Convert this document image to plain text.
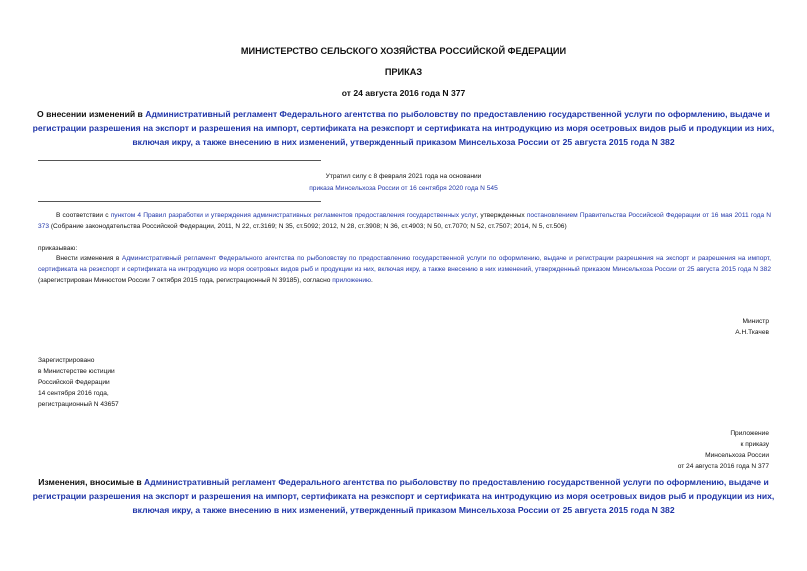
МИНИСТЕРСТВО СЕЛЬСКОГО ХОЗЯЙСТВА РОССИЙСКОЙ ФЕДЕРАЦИИ
ПРИКАЗ
от 24 августа 2016 года N 377
О внесении изменений в Административный регламент Федерального агентства по рыболовству по предоставлению государственной услуги по оформлению, выдаче и регистрации разрешения на экспорт и разрешения на импорт, сертификата на реэкспорт и сертификата на интродукцию из моря осетровых видов рыб и продукции из них, включая икру, а также внесению в них изменений, утвержденный приказом Минсельхоза России от 25 августа 2015 года N 382
Утратил силу с 8 февраля 2021 года на основании
приказа Минсельхоза России от 16 сентября 2020 года N 545
В соответствии с пунктом 4 Правил разработки и утверждения административных регламентов предоставления государственных услуг, утвержденных постановлением Правительства Российской Федерации от 16 мая 2011 года N 373 (Собрание законодательства Российской Федерации, 2011, N 22, ст.3169; N 35, ст.5092; 2012, N 28, ст.3908; N 36, ст.4903; N 50, ст.7070; N 52, ст.7507; 2014, N 5, ст.506)
приказываю:
Внести изменения в Административный регламент Федерального агентства по рыболовству по предоставлению государственной услуги по оформлению, выдаче и регистрации разрешения на экспорт и разрешения на импорт, сертификата на реэкспорт и сертификата на интродукцию из моря осетровых видов рыб и продукции из них, включая икру, а также внесению в них изменений, утвержденный приказом Минсельхоза России от 25 августа 2015 года N 382 (зарегистрирован Минюстом России 7 октября 2015 года, регистрационный N 39185), согласно приложению.
Министр
А.Н.Ткачев
Зарегистрировано
в Министерстве юстиции
Российской Федерации
14 сентября 2016 года,
регистрационный N 43657
Приложение
к приказу
Минсельхоза России
от 24 августа 2016 года N 377
Изменения, вносимые в Административный регламент Федерального агентства по рыболовству по предоставлению государственной услуги по оформлению, выдаче и регистрации разрешения на экспорт и разрешения на импорт, сертификата на реэкспорт и сертификата на интродукцию из моря осетровых видов рыб и продукции из них, включая икру, а также внесению в них изменений, утвержденный приказом Минсельхоза России от 25 августа 2015 года N 382
